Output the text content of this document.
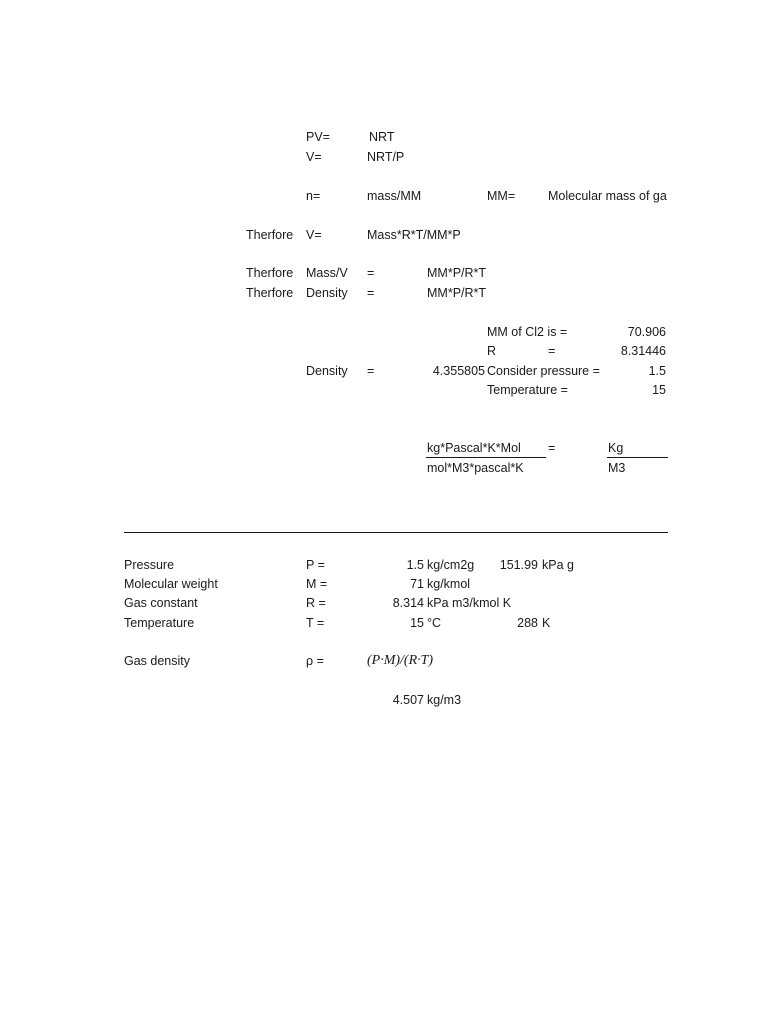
PV=	NRT
V=	NRT/P
n=	mass/MM	MM=	Molecular mass of ga
Therfore V=	Mass*R*T/MM*P
Therfore Mass/V =	MM*P/R*T
Therfore Density =	MM*P/R*T
MM of Cl2 is =	70.906
R	=	8.31446
Density =	4.355805 Consider pressure =	1.5
Temperature =	15
kg*Pascal*K*Mol
mol*M3*pascal*K
=	Kg
M3
Pressure	P =	1.5 kg/cm2g	151.99 kPa g
Molecular weight	M =	71 kg/kmol
Gas constant	R =	8.314 kPa m3/kmol K
Temperature	T =	15 °C	288 K
Gas density	ρ =	(P·M)/(R·T)
4.507 kg/m3
